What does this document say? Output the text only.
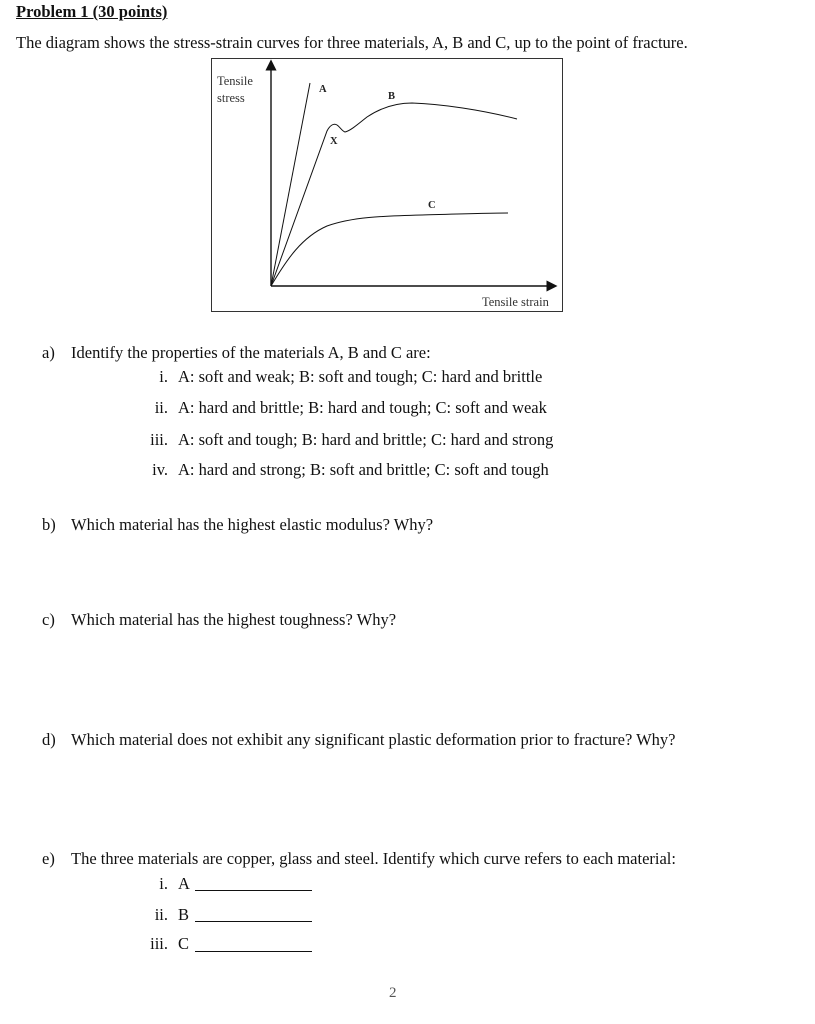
Problem 1 (30 points)
The diagram shows the stress-strain curves for three materials, A, B and C, up to the point of fracture.
Tensile
stress
Tensile strain
A
B
C
X
a) Identify the properties of the materials A, B and C are:
i. A: soft and weak; B: soft and tough; C: hard and brittle
ii. A: hard and brittle; B: hard and tough; C: soft and weak
iii. A: soft and tough; B: hard and brittle; C: hard and strong
iv. A: hard and strong; B: soft and brittle; C: soft and tough
b) Which material has the highest elastic modulus? Why?
c) Which material has the highest toughness? Why?
d) Which material does not exhibit any significant plastic deformation prior to fracture? Why?
e) The three materials are copper, glass and steel. Identify which curve refers to each material:
i. A
ii. B
iii. C
2
